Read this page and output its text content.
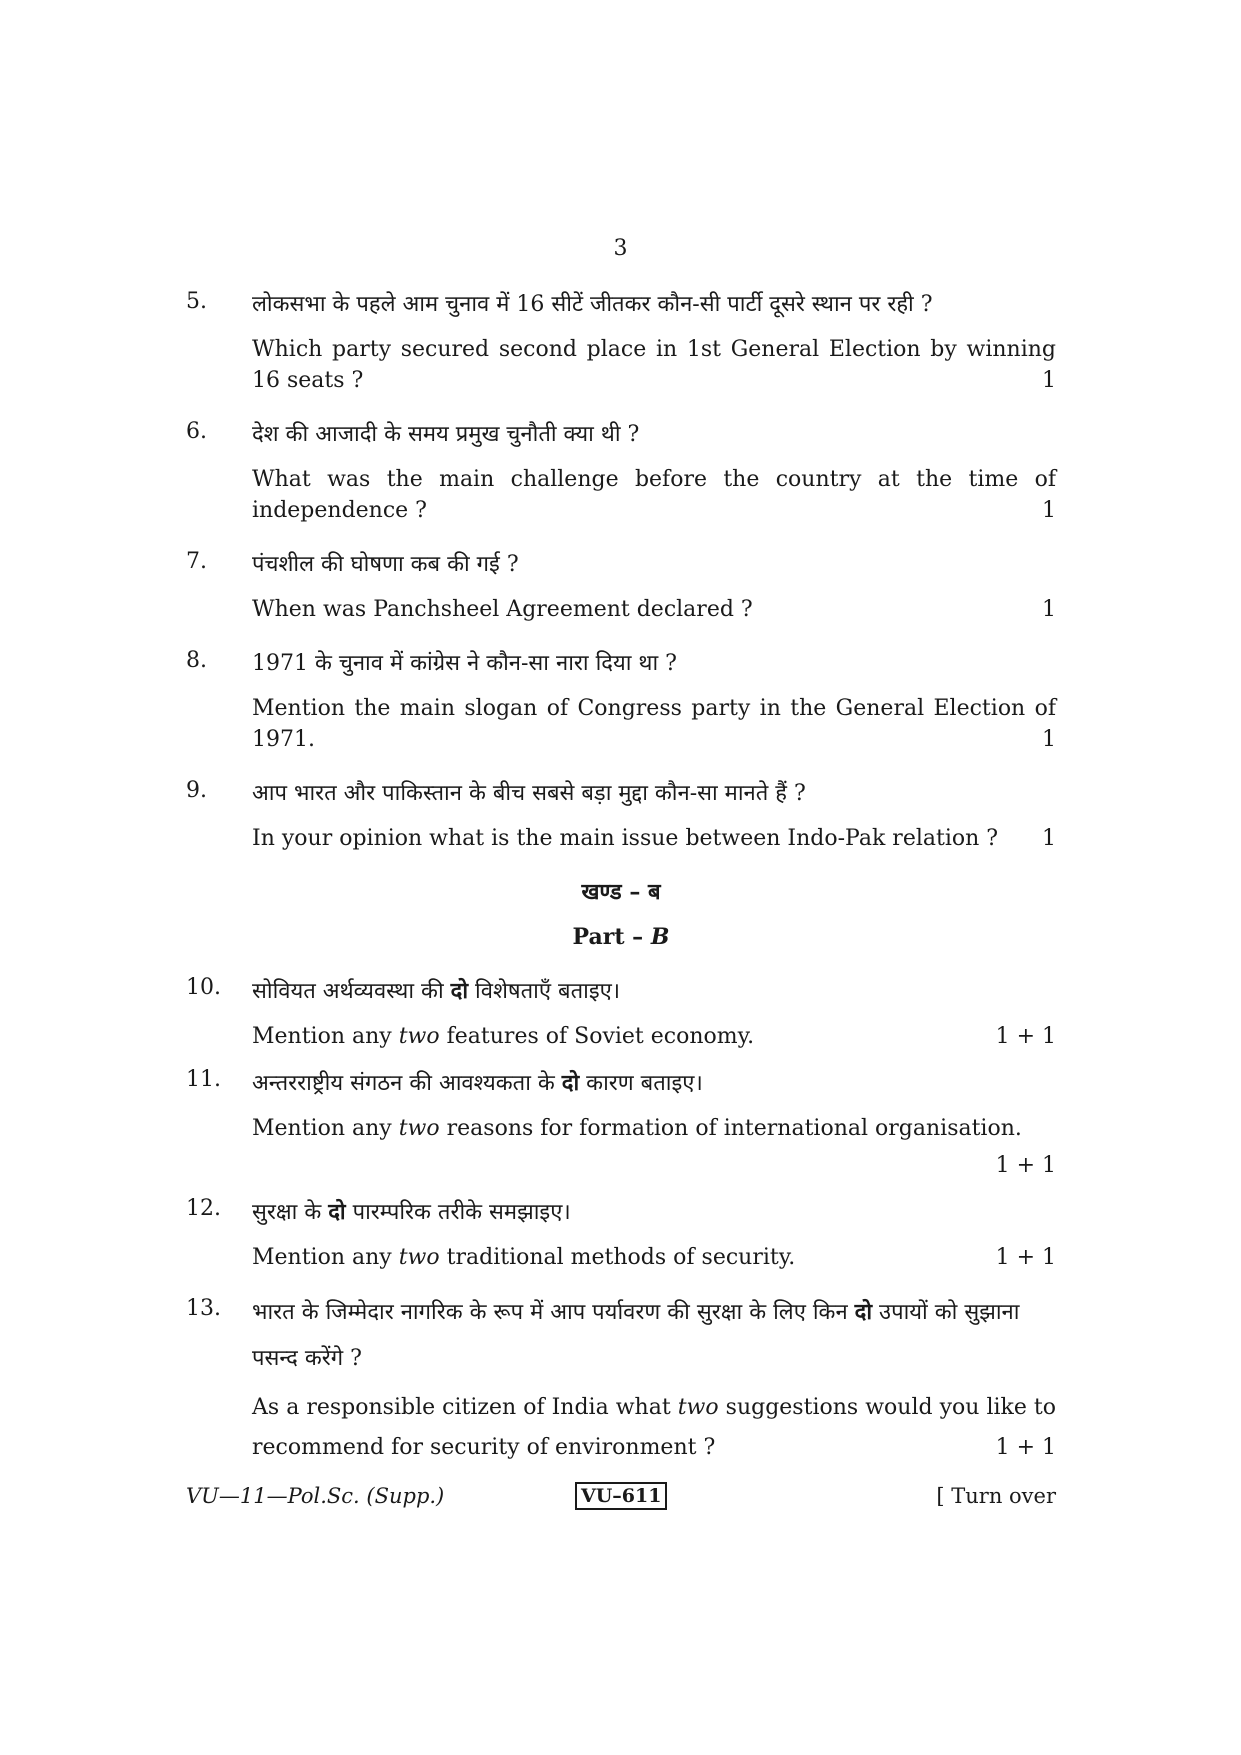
3
5. लोकसभा के पहले आम चुनाव में 16 सीटें जीतकर कौन-सी पार्टी दूसरे स्थान पर रही ?
Which party secured second place in 1st General Election by winning 16 seats ?	1
6. देश की आजादी के समय प्रमुख चुनौती क्या थी ?
What was the main challenge before the country at the time of independence ?	1
7. पंचशील की घोषणा कब की गई ?
When was Panchsheel Agreement declared ?	1
8. 1971 के चुनाव में कांग्रेस ने कौन-सा नारा दिया था ?
Mention the main slogan of Congress party in the General Election of 1971.	1
9. आप भारत और पाकिस्तान के बीच सबसे बड़ा मुद्दा कौन-सा मानते हैं ?
In your opinion what is the main issue between Indo-Pak relation ? 1
खण्ड – ब
Part – B
10. सोवियत अर्थव्यवस्था की दो विशेषताएँ बताइए।
Mention any two features of Soviet economy.	1 + 1
11. अन्तरराष्ट्रीय संगठन की आवश्यकता के दो कारण बताइए।
Mention any two reasons for formation of international organisation.
1 + 1
12. सुरक्षा के दो पारम्परिक तरीके समझाइए।
Mention any two traditional methods of security.	1 + 1
13. भारत के जिम्मेदार नागरिक के रूप में आप पर्यावरण की सुरक्षा के लिए किन दो उपायों को सुझाना पसन्द करेंगे ?
As a responsible citizen of India what two suggestions would you like to recommend for security of environment ?	1 + 1
VU—11—Pol.Sc. (Supp.)	VU–611	[ Turn over
